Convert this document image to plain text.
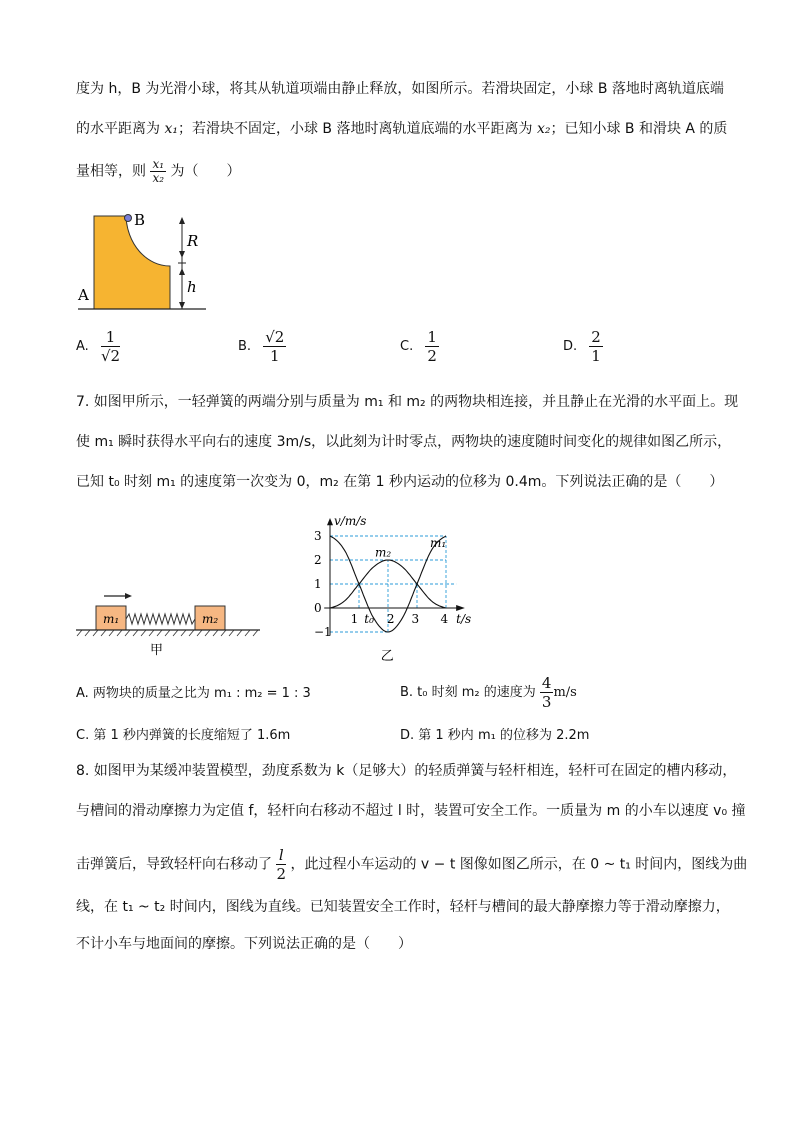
度为 h，B 为光滑小球，将其从轨道项端由静止释放，如图所示。若滑块固定，小球 B 落地时离轨道底端
的水平距离为 x₁；若滑块不固定，小球 B 落地时离轨道底端的水平距离为 x₂；已知小球 B 和滑块 A 的质
量相等，则 $\frac{\text{x₁}}{\text{x₂}}$ 为（　　）
B
A
R
h
A. $\frac{1}{√2}$	B. $\frac{√2}{1}$	C. $\frac{1}{2}$	D. $\frac{2}{1}$
7. 如图甲所示，一轻弹簧的两端分别与质量为 m₁ 和 m₂ 的两物块相连接，并且静止在光滑的水平面上。现
使 m₁ 瞬时获得水平向右的速度 3m/s，以此刻为计时零点，两物块的速度随时间变化的规律如图乙所示，
已知 t₀ 时刻 m₁ 的速度第一次变为 0，m₂ 在第 1 秒内运动的位移为 0.4m。下列说法正确的是（　　）
m₁	m₂
甲
3
2
1
0
−1
1 t₀ 2 3 4
v/m/s
t/s
m₂
m₁
乙
A. 两物块的质量之比为 m₁ : m₂ = 1 : 3	B. t₀ 时刻 m₂ 的速度为 $\frac{4}{3} m/s$
C. 第 1 秒内弹簧的长度缩短了 1.6m	D. 第 1 秒内 m₁ 的位移为 2.2m
8. 如图甲为某缓冲装置模型，劲度系数为 k（足够大）的轻质弹簧与轻杆相连，轻杆可在固定的槽内移动，
与槽间的滑动摩擦力为定值 f，轻杆向右移动不超过 l 时，装置可安全工作。一质量为 m 的小车以速度 v₀ 撞
击弹簧后，导致轻杆向右移动了 $\frac{l}{2}$ ，此过程小车运动的 v − t 图像如图乙所示，在 0 ~ t₁ 时间内，图线为曲
线，在 t₁ ~ t₂ 时间内，图线为直线。已知装置安全工作时，轻杆与槽间的最大静摩擦力等于滑动摩擦力，
不计小车与地面间的摩擦。下列说法正确的是（　　）
